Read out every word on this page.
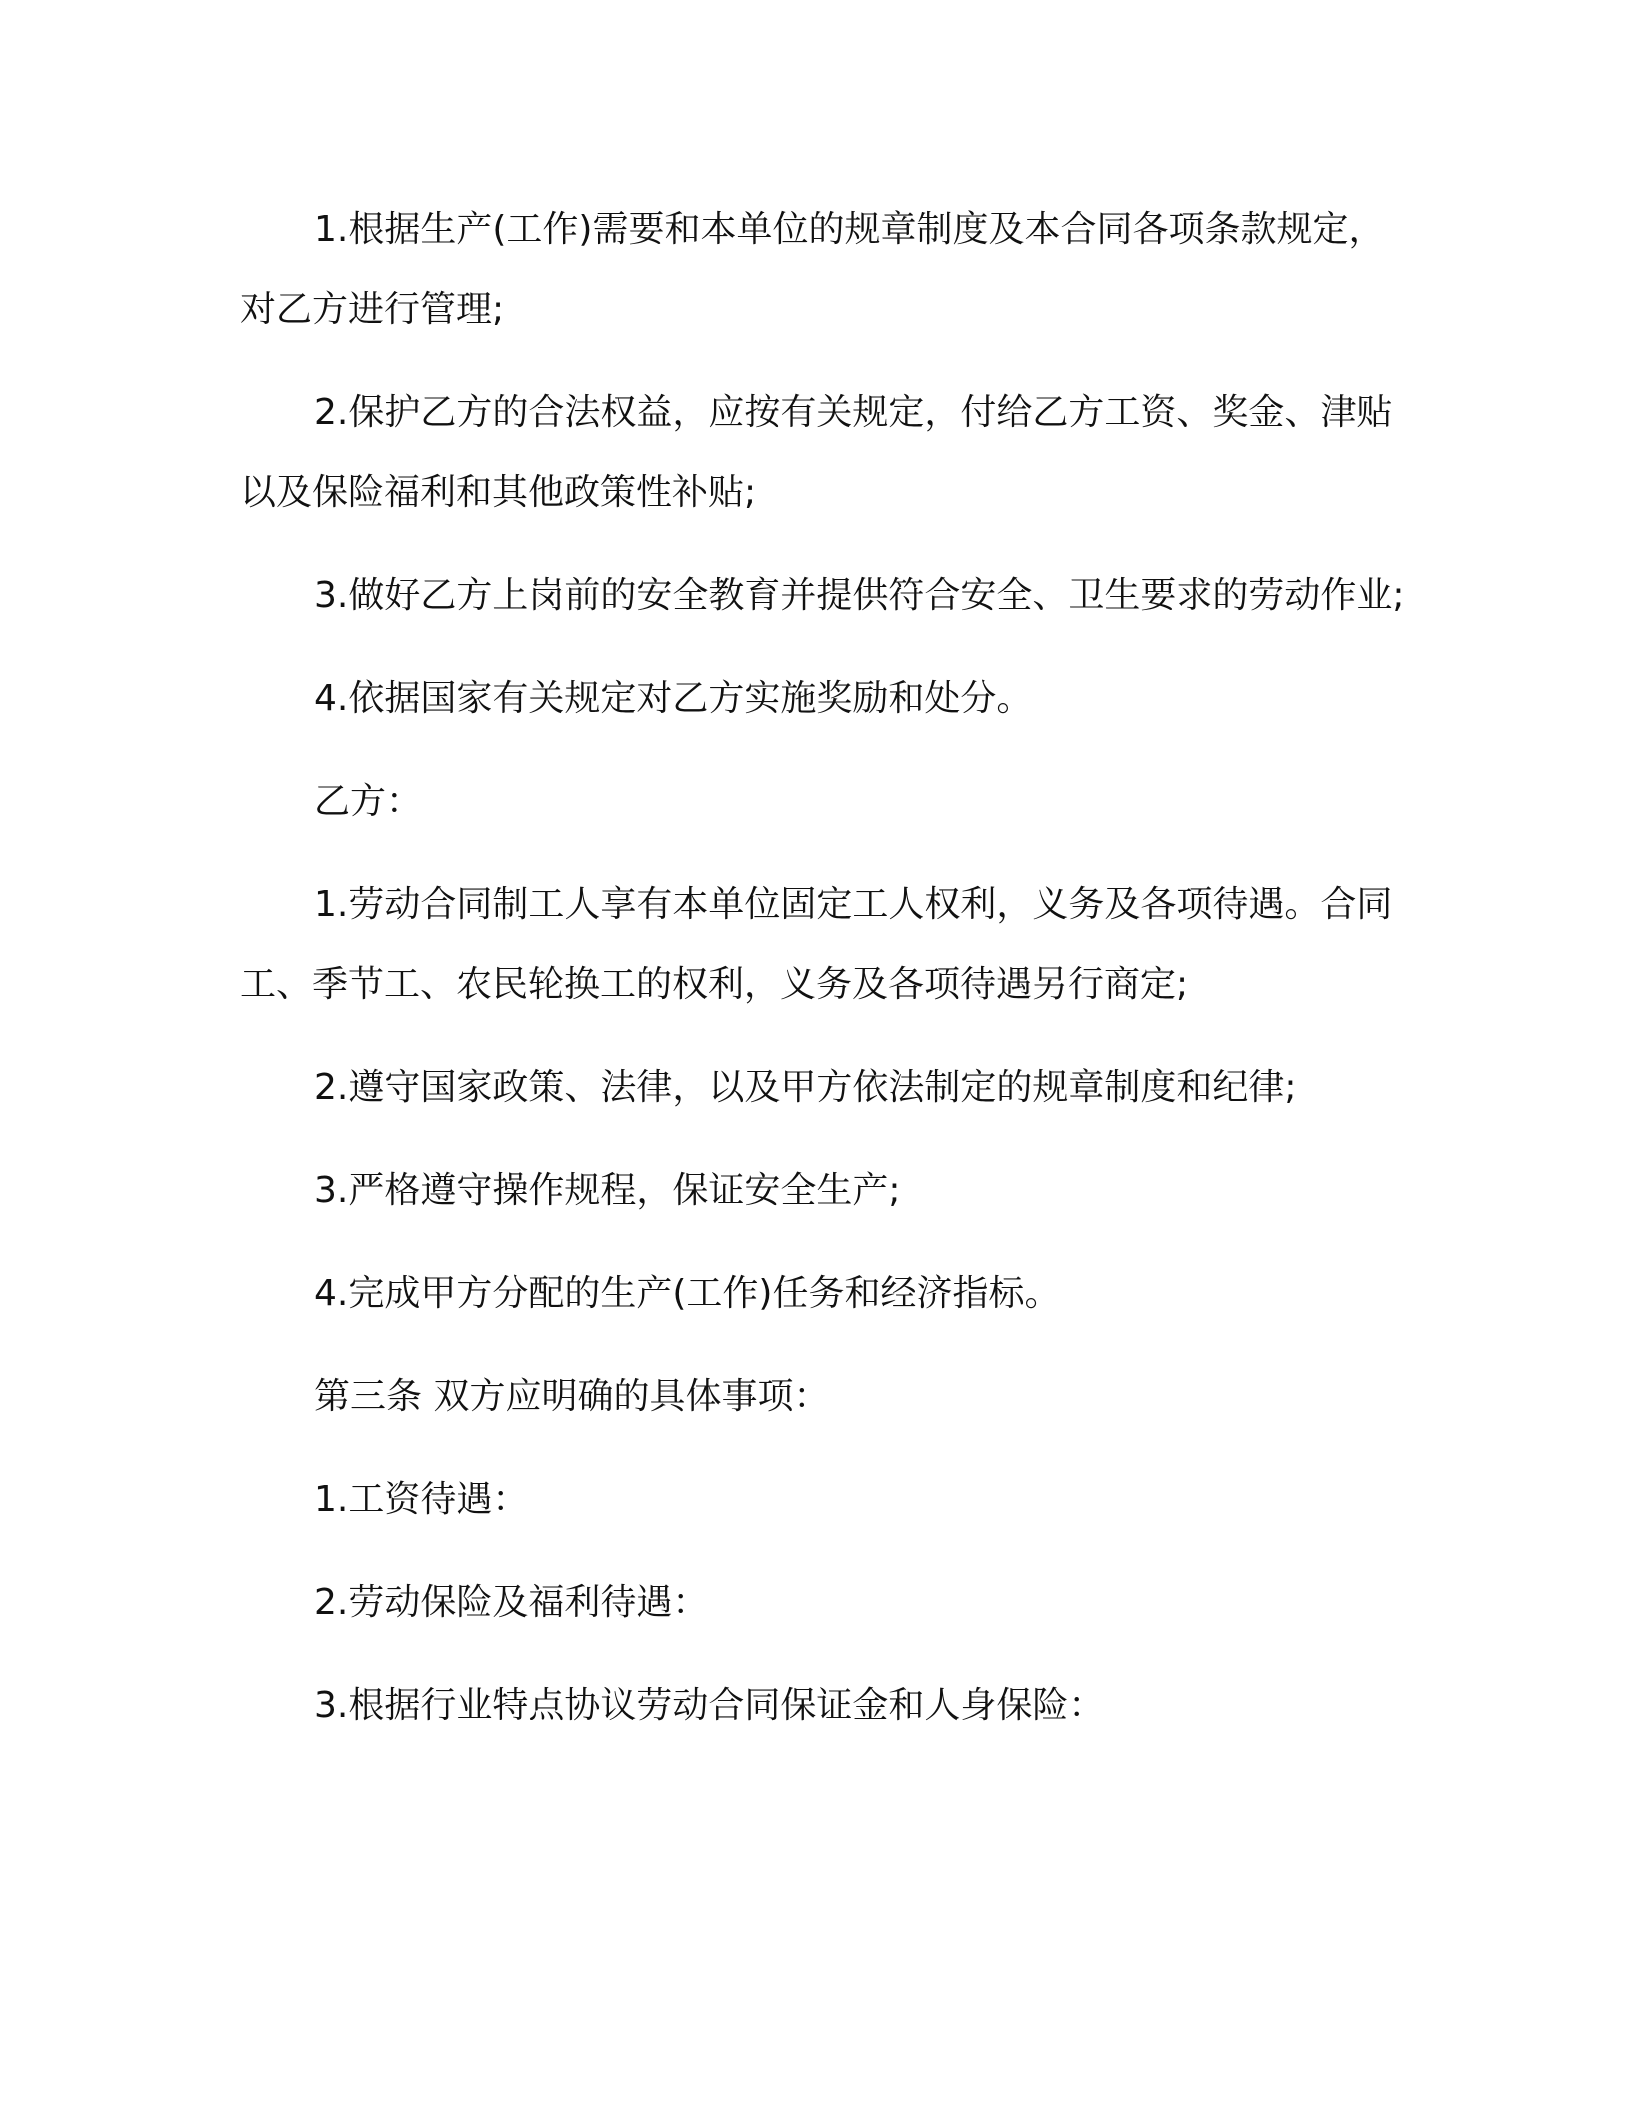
1.根据生产(工作)需要和本单位的规章制度及本合同各项条款规定，对乙方进行管理;

2.保护乙方的合法权益，应按有关规定，付给乙方工资、奖金、津贴以及保险福利和其他政策性补贴;

3.做好乙方上岗前的安全教育并提供符合安全、卫生要求的劳动作业;

4.依据国家有关规定对乙方实施奖励和处分。

乙方：

1.劳动合同制工人享有本单位固定工人权利，义务及各项待遇。合同工、季节工、农民轮换工的权利，义务及各项待遇另行商定;

2.遵守国家政策、法律，以及甲方依法制定的规章制度和纪律;

3.严格遵守操作规程，保证安全生产;

4.完成甲方分配的生产(工作)任务和经济指标。

第三条 双方应明确的具体事项：

1.工资待遇：

2.劳动保险及福利待遇：

3.根据行业特点协议劳动合同保证金和人身保险：
